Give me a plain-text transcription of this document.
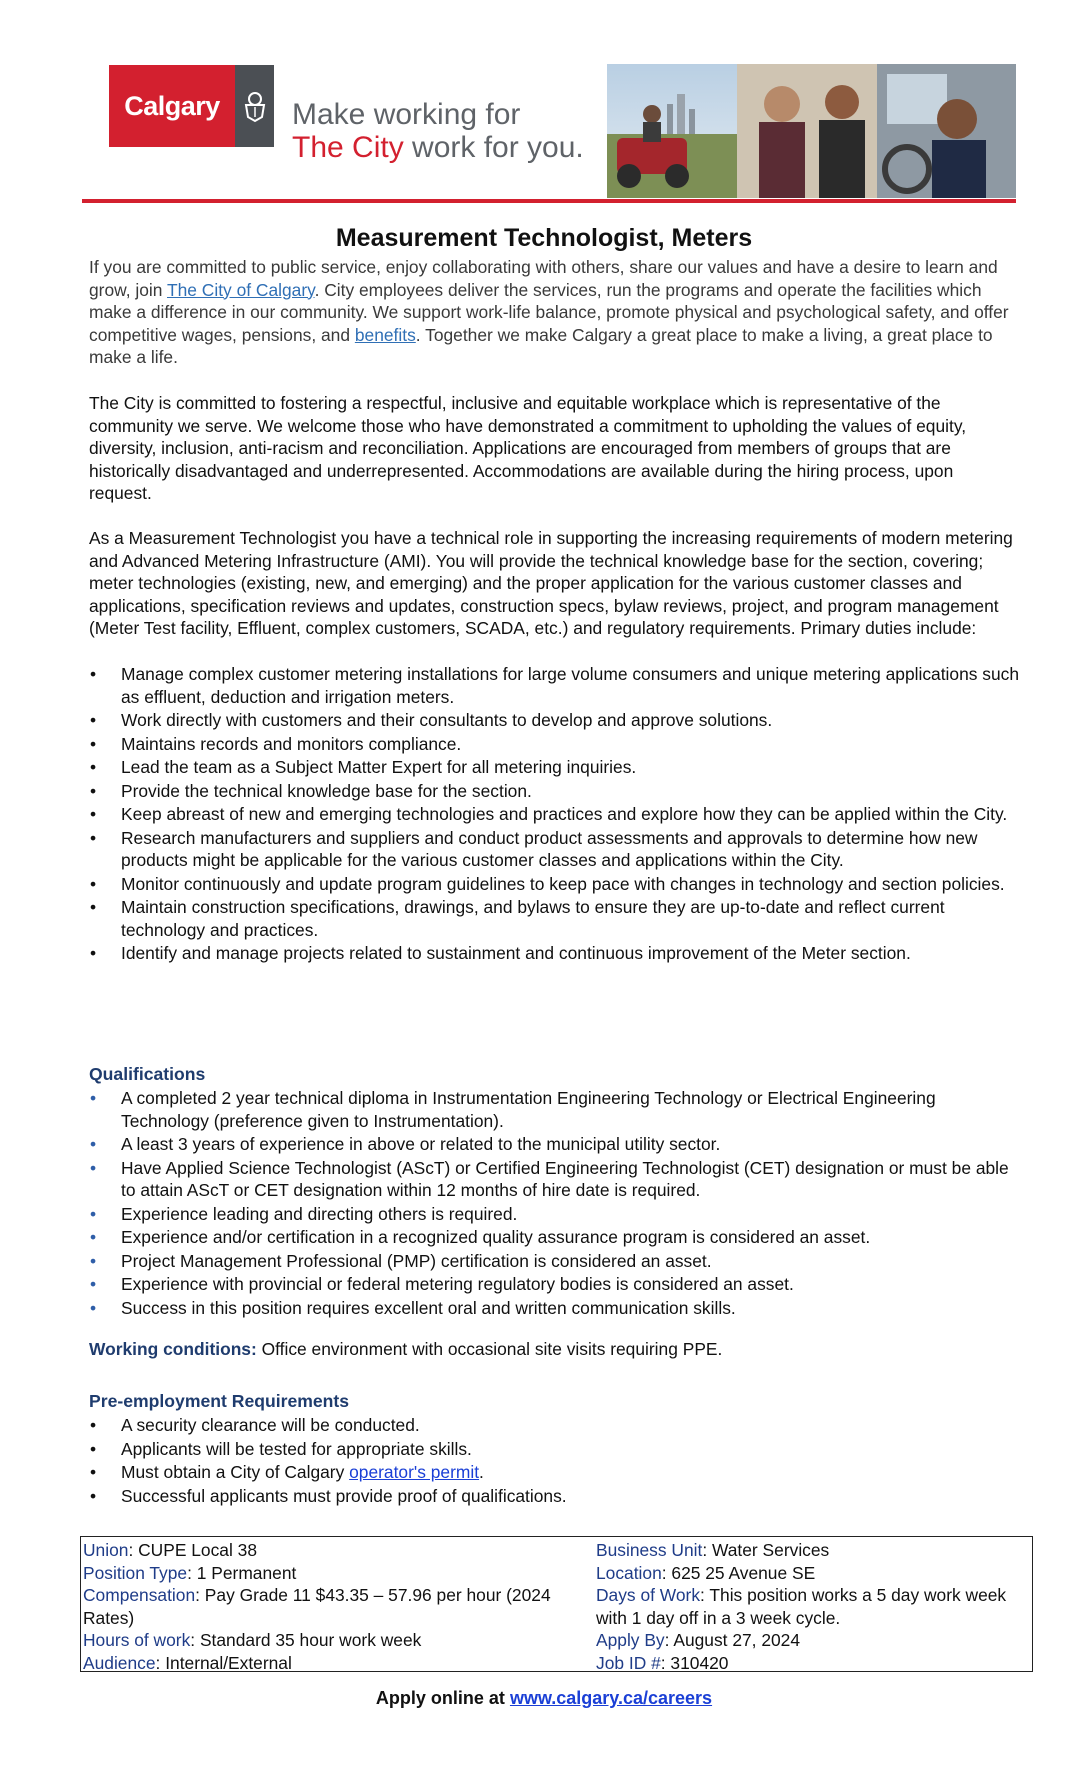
Calgary	Make working for
The City work for you.
Measurement Technologist, Meters
If you are committed to public service, enjoy collaborating with others, share our values and have a desire to learn and grow, join The City of Calgary. City employees deliver the services, run the programs and operate the facilities which make a difference in our community. We support work-life balance, promote physical and psychological safety, and offer competitive wages, pensions, and benefits. Together we make Calgary a great place to make a living, a great place to make a life.
The City is committed to fostering a respectful, inclusive and equitable workplace which is representative of the community we serve. We welcome those who have demonstrated a commitment to upholding the values of equity, diversity, inclusion, anti-racism and reconciliation. Applications are encouraged from members of groups that are historically disadvantaged and underrepresented. Accommodations are available during the hiring process, upon request.
As a Measurement Technologist you have a technical role in supporting the increasing requirements of modern metering and Advanced Metering Infrastructure (AMI). You will provide the technical knowledge base for the section, covering; meter technologies (existing, new, and emerging) and the proper application for the various customer classes and applications, specification reviews and updates, construction specs, bylaw reviews, project, and program management (Meter Test facility, Effluent, complex customers, SCADA, etc.) and regulatory requirements. Primary duties include:
• Manage complex customer metering installations for large volume consumers and unique metering applications such as effluent, deduction and irrigation meters.
• Work directly with customers and their consultants to develop and approve solutions.
• Maintains records and monitors compliance.
• Lead the team as a Subject Matter Expert for all metering inquiries.
• Provide the technical knowledge base for the section.
• Keep abreast of new and emerging technologies and practices and explore how they can be applied within the City.
• Research manufacturers and suppliers and conduct product assessments and approvals to determine how new products might be applicable for the various customer classes and applications within the City.
• Monitor continuously and update program guidelines to keep pace with changes in technology and section policies.
• Maintain construction specifications, drawings, and bylaws to ensure they are up-to-date and reflect current technology and practices.
• Identify and manage projects related to sustainment and continuous improvement of the Meter section.
Qualifications
• A completed 2 year technical diploma in Instrumentation Engineering Technology or Electrical Engineering Technology (preference given to Instrumentation).
• A least 3 years of experience in above or related to the municipal utility sector.
• Have Applied Science Technologist (AScT) or Certified Engineering Technologist (CET) designation or must be able to attain AScT or CET designation within 12 months of hire date is required.
• Experience leading and directing others is required.
• Experience and/or certification in a recognized quality assurance program is considered an asset.
• Project Management Professional (PMP) certification is considered an asset.
• Experience with provincial or federal metering regulatory bodies is considered an asset.
• Success in this position requires excellent oral and written communication skills.
Working conditions: Office environment with occasional site visits requiring PPE.
Pre-employment Requirements
• A security clearance will be conducted.
• Applicants will be tested for appropriate skills.
• Must obtain a City of Calgary operator's permit.
• Successful applicants must provide proof of qualifications.
Union: CUPE Local 38
Position Type: 1 Permanent
Compensation: Pay Grade 11 $43.35 – 57.96 per hour (2024 Rates)
Hours of work: Standard 35 hour work week
Audience: Internal/External
Business Unit: Water Services
Location: 625 25 Avenue SE
Days of Work: This position works a 5 day work week with 1 day off in a 3 week cycle.
Apply By: August 27, 2024
Job ID #: 310420
Apply online at www.calgary.ca/careers
